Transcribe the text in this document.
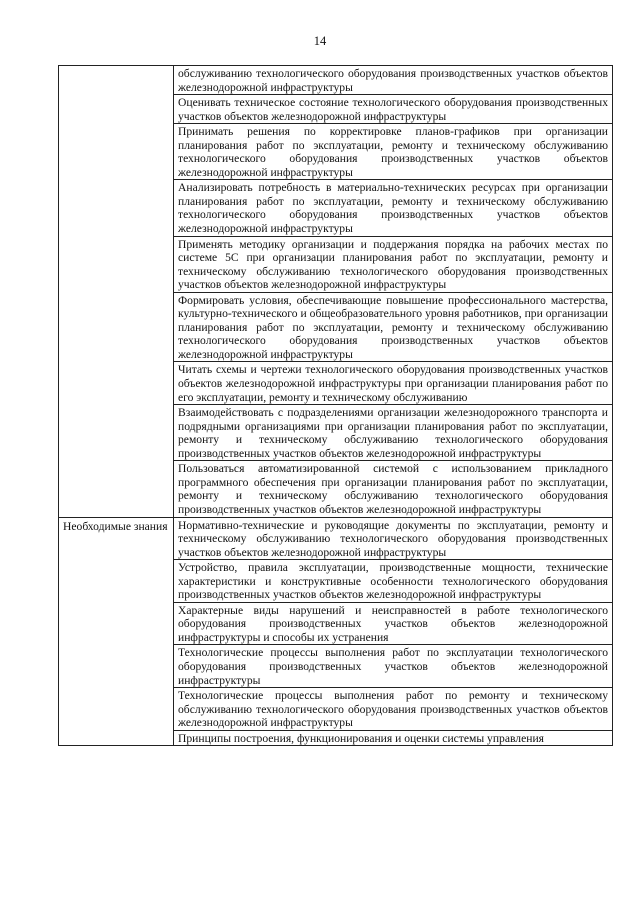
14
	обслуживанию технологического оборудования производственных участков объектов железнодорожной инфраструктуры
	Оценивать техническое состояние технологического оборудования производственных участков объектов железнодорожной инфраструктуры
	Принимать решения по корректировке планов-графиков при организации планирования работ по эксплуатации, ремонту и техническому обслуживанию технологического оборудования производственных участков объектов железнодорожной инфраструктуры
	Анализировать потребность в материально-технических ресурсах при организации планирования работ по эксплуатации, ремонту и техническому обслуживанию технологического оборудования производственных участков объектов железнодорожной инфраструктуры
	Применять методику организации и поддержания порядка на рабочих местах по системе 5С при организации планирования работ по эксплуатации, ремонту и техническому обслуживанию технологического оборудования производственных участков объектов железнодорожной инфраструктуры
	Формировать условия, обеспечивающие повышение профессионального мастерства, культурно-технического и общеобразовательного уровня работников, при организации планирования работ по эксплуатации, ремонту и техническому обслуживанию технологического оборудования производственных участков объектов железнодорожной инфраструктуры
	Читать схемы и чертежи технологического оборудования производственных участков объектов железнодорожной инфраструктуры при организации планирования работ по его эксплуатации, ремонту и техническому обслуживанию
	Взаимодействовать с подразделениями организации железнодорожного транспорта и подрядными организациями при организации планирования работ по эксплуатации, ремонту и техническому обслуживанию технологического оборудования производственных участков объектов железнодорожной инфраструктуры
	Пользоваться автоматизированной системой с использованием прикладного программного обеспечения при организации планирования работ по эксплуатации, ремонту и техническому обслуживанию технологического оборудования производственных участков объектов железнодорожной инфраструктуры
Необходимые знания	Нормативно-технические и руководящие документы по эксплуатации, ремонту и техническому обслуживанию технологического оборудования производственных участков объектов железнодорожной инфраструктуры
	Устройство, правила эксплуатации, производственные мощности, технические характеристики и конструктивные особенности технологического оборудования производственных участков объектов железнодорожной инфраструктуры
	Характерные виды нарушений и неисправностей в работе технологического оборудования производственных участков объектов железнодорожной инфраструктуры и способы их устранения
	Технологические процессы выполнения работ по эксплуатации технологического оборудования производственных участков объектов железнодорожной инфраструктуры
	Технологические процессы выполнения работ по ремонту и техническому обслуживанию технологического оборудования производственных участков объектов железнодорожной инфраструктуры
	Принципы построения, функционирования и оценки системы управления
